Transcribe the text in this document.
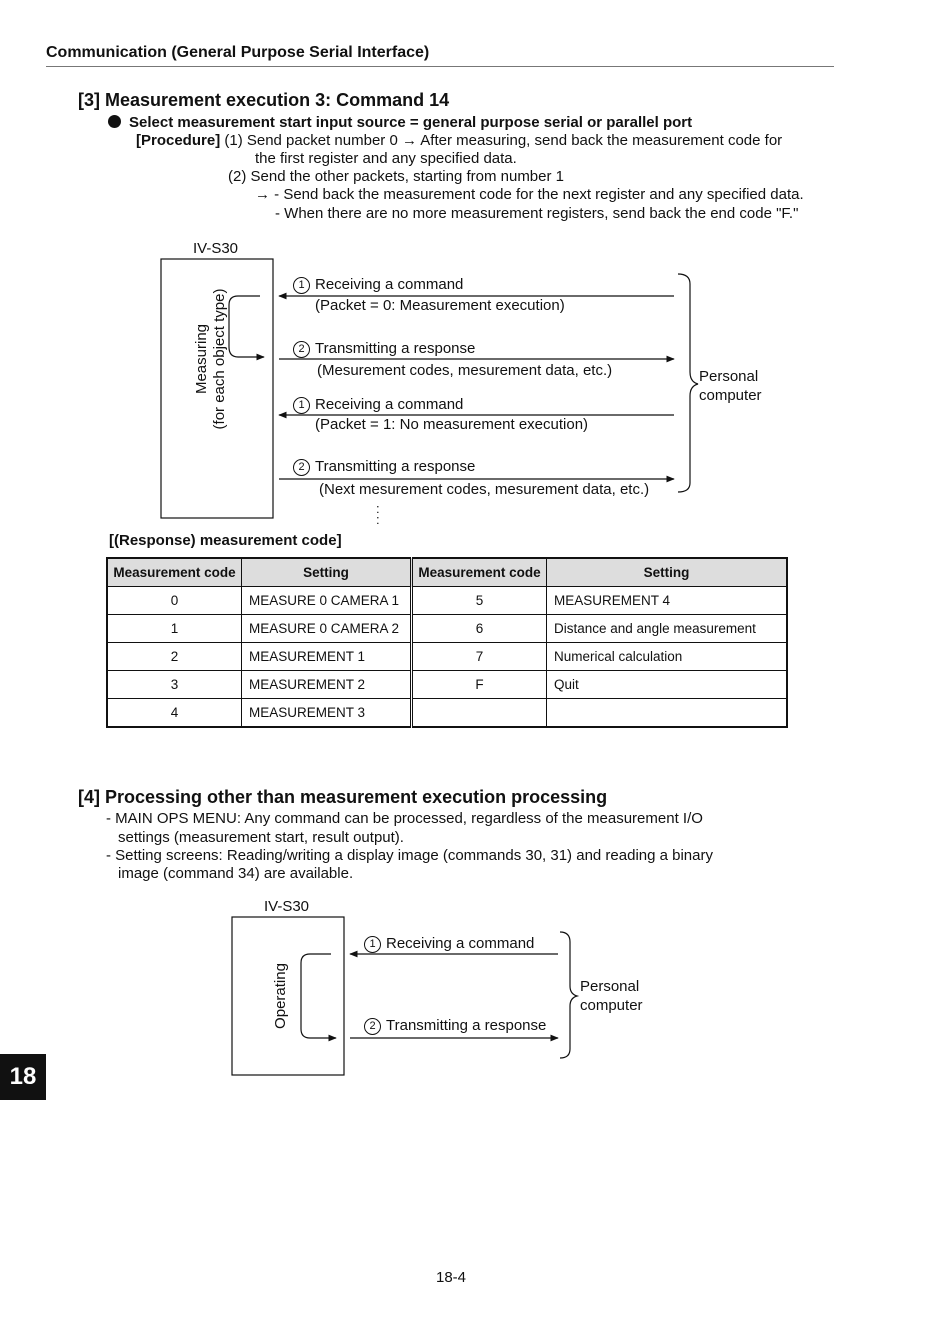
Communication (General Purpose Serial Interface)
[3] Measurement execution 3: Command 14
Select measurement start input source = general purpose serial or parallel port
[Procedure] (1) Send packet number 0 → After measuring, send back the measurement code for
the first register and any specified data.
(2) Send the other packets, starting from number 1
→ - Send back the measurement code for the next register and any specified data.
- When there are no more measurement registers, send back the end code "F."
IV-S30
Measuring (for each object type)
1 Receiving a command
(Packet = 0: Measurement execution)
2 Transmitting a response
(Mesurement codes, mesurement data, etc.)
1 Receiving a command
(Packet = 1: No measurement execution)
2 Transmitting a response
(Next mesurement codes, mesurement data, etc.)
Personal
computer
:
:
[(Response) measurement code]
Measurement code	Setting	Measurement code	Setting
0	MEASURE 0 CAMERA 1	5	MEASUREMENT 4
1	MEASURE 0 CAMERA 2	6	Distance and angle measurement
2	MEASUREMENT 1	7	Numerical calculation
3	MEASUREMENT 2	F	Quit
4	MEASUREMENT 3		
[4] Processing other than measurement execution processing
- MAIN OPS MENU: Any command can be processed, regardless of the measurement I/O
settings (measurement start, result output).
- Setting screens: Reading/writing a display image (commands 30, 31) and reading a binary
image (command 34) are available.
IV-S30
Operating
1 Receiving a command
2 Transmitting a response
Personal
computer
18
18-4
